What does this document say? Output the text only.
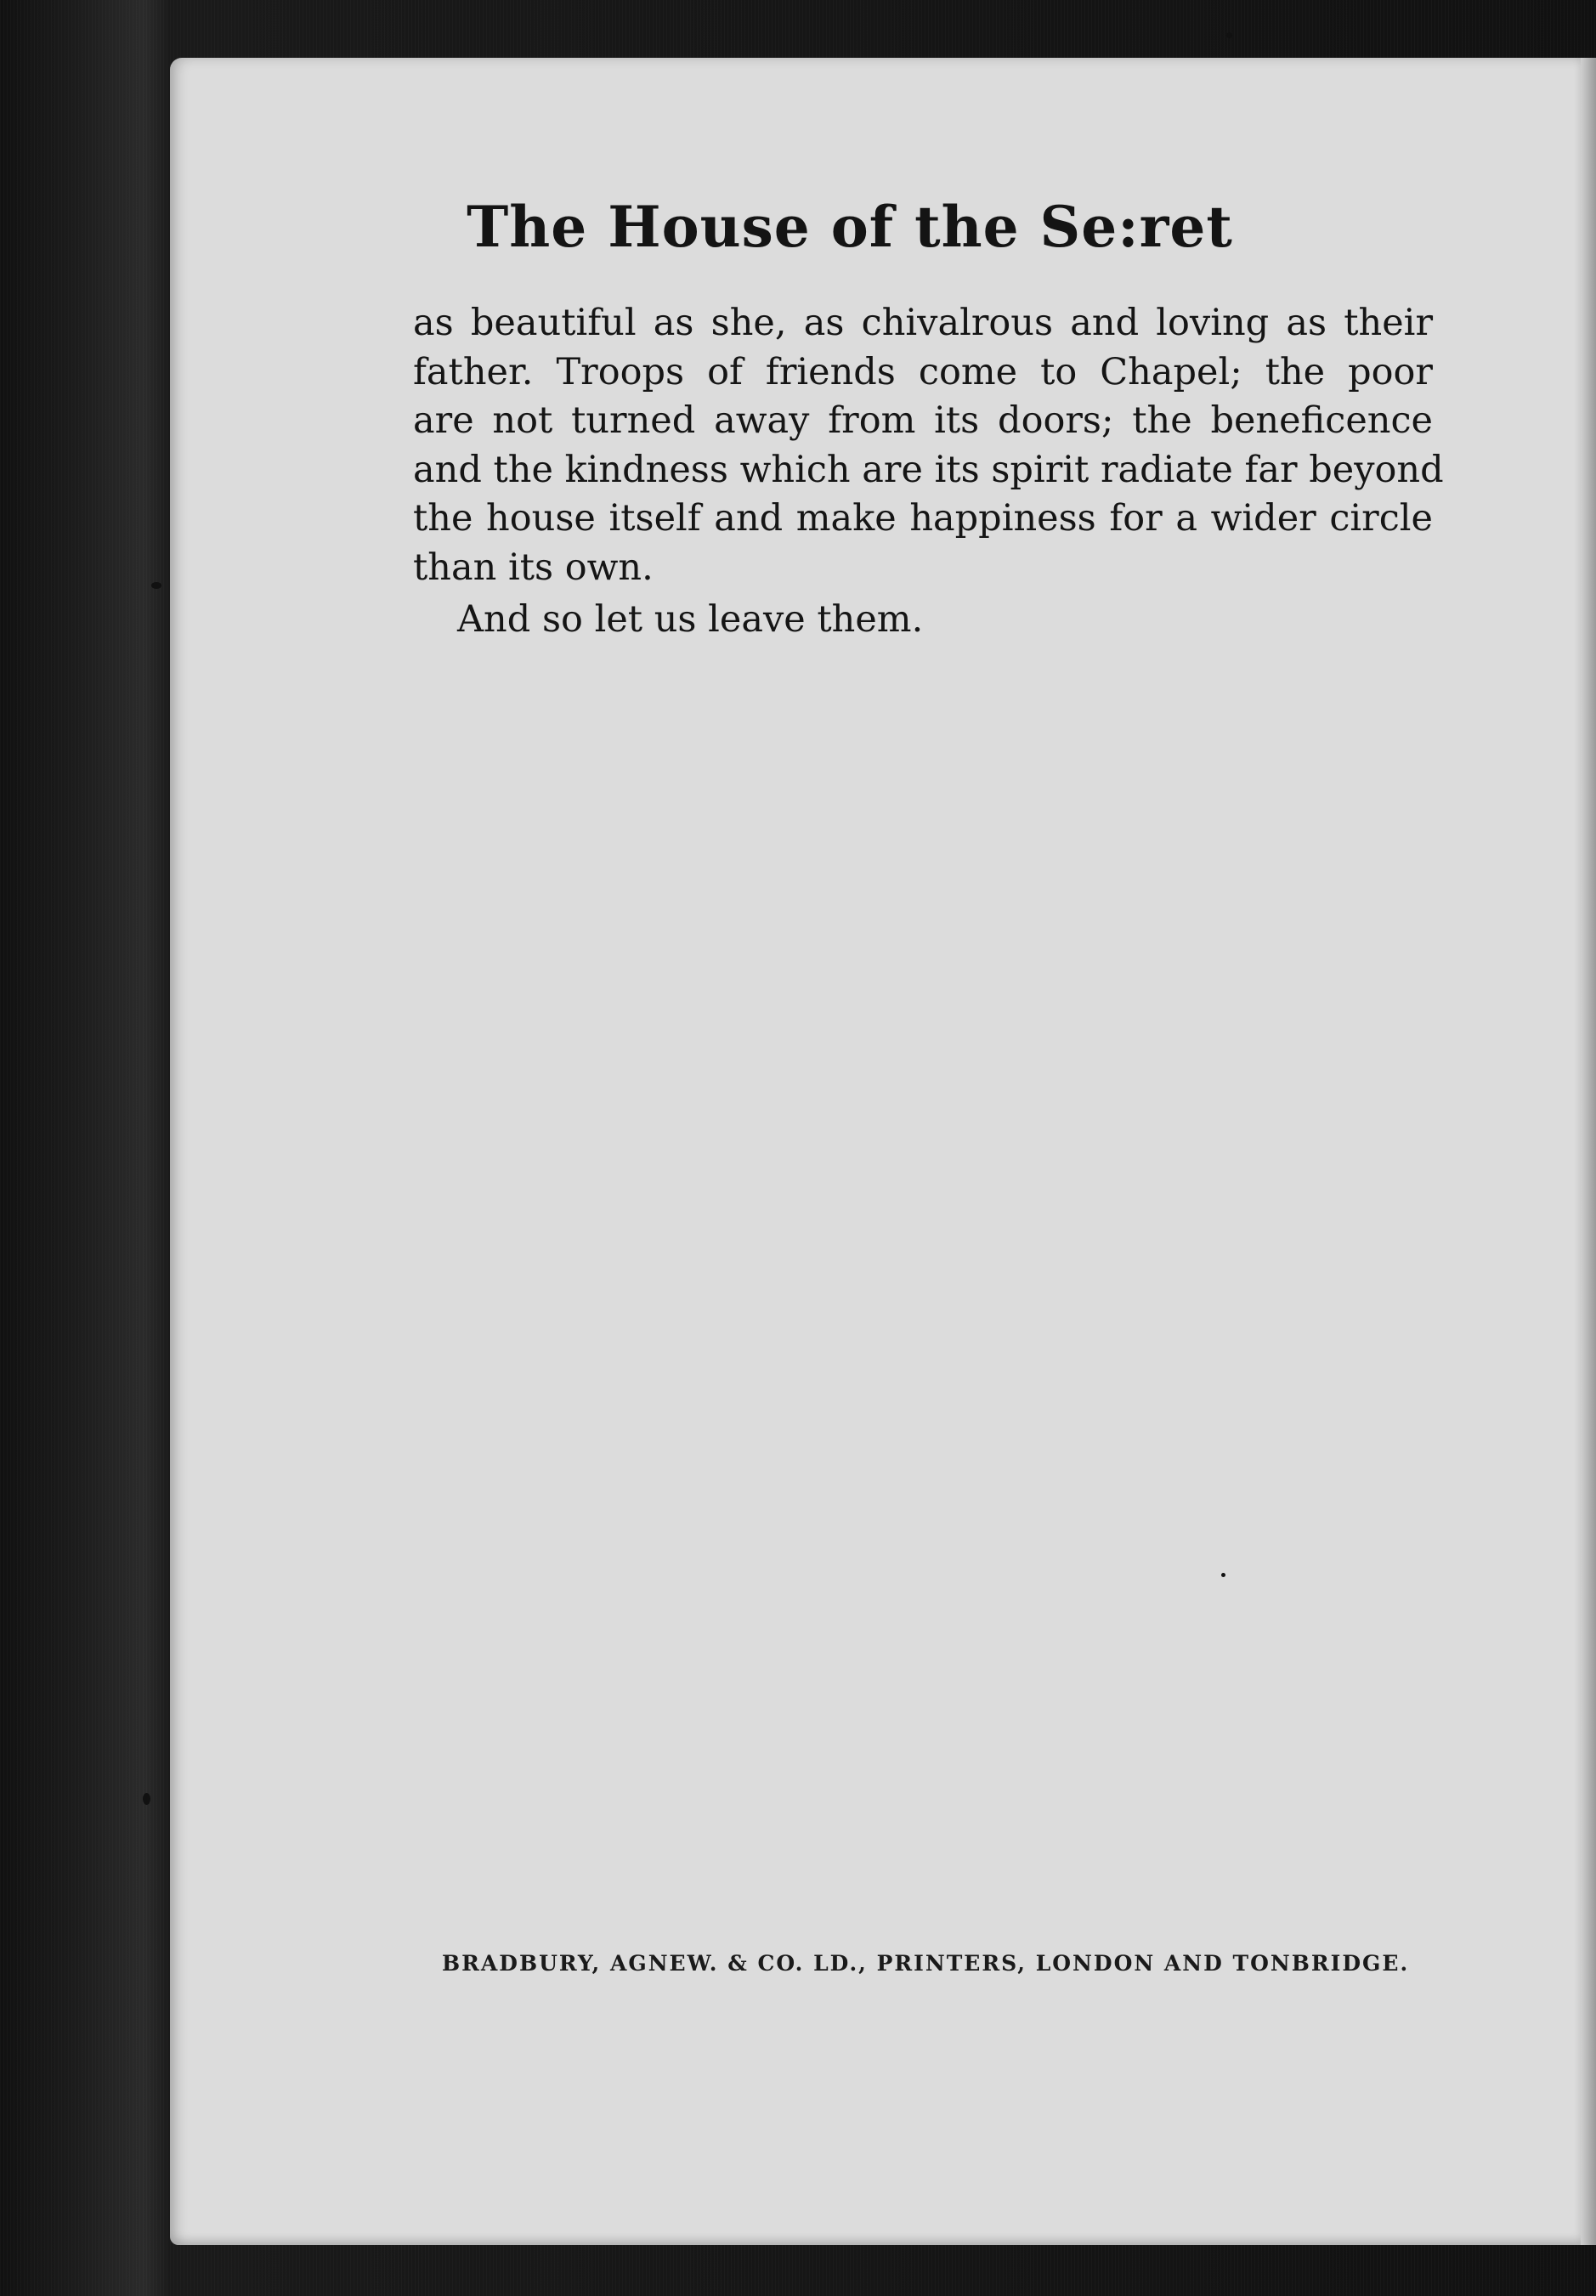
The House of the Se:ret
as beautiful as she, as chivalrous and loving as their
father. Troops of friends come to Chapel; the poor
are not turned away from its doors; the beneficence
and the kindness which are its spirit radiate far beyond
the house itself and make happiness for a wider circle
than its own.
And so let us leave them.
BRADBURY, AGNEW. & CO. LD., PRINTERS, LONDON AND TONBRIDGE.
